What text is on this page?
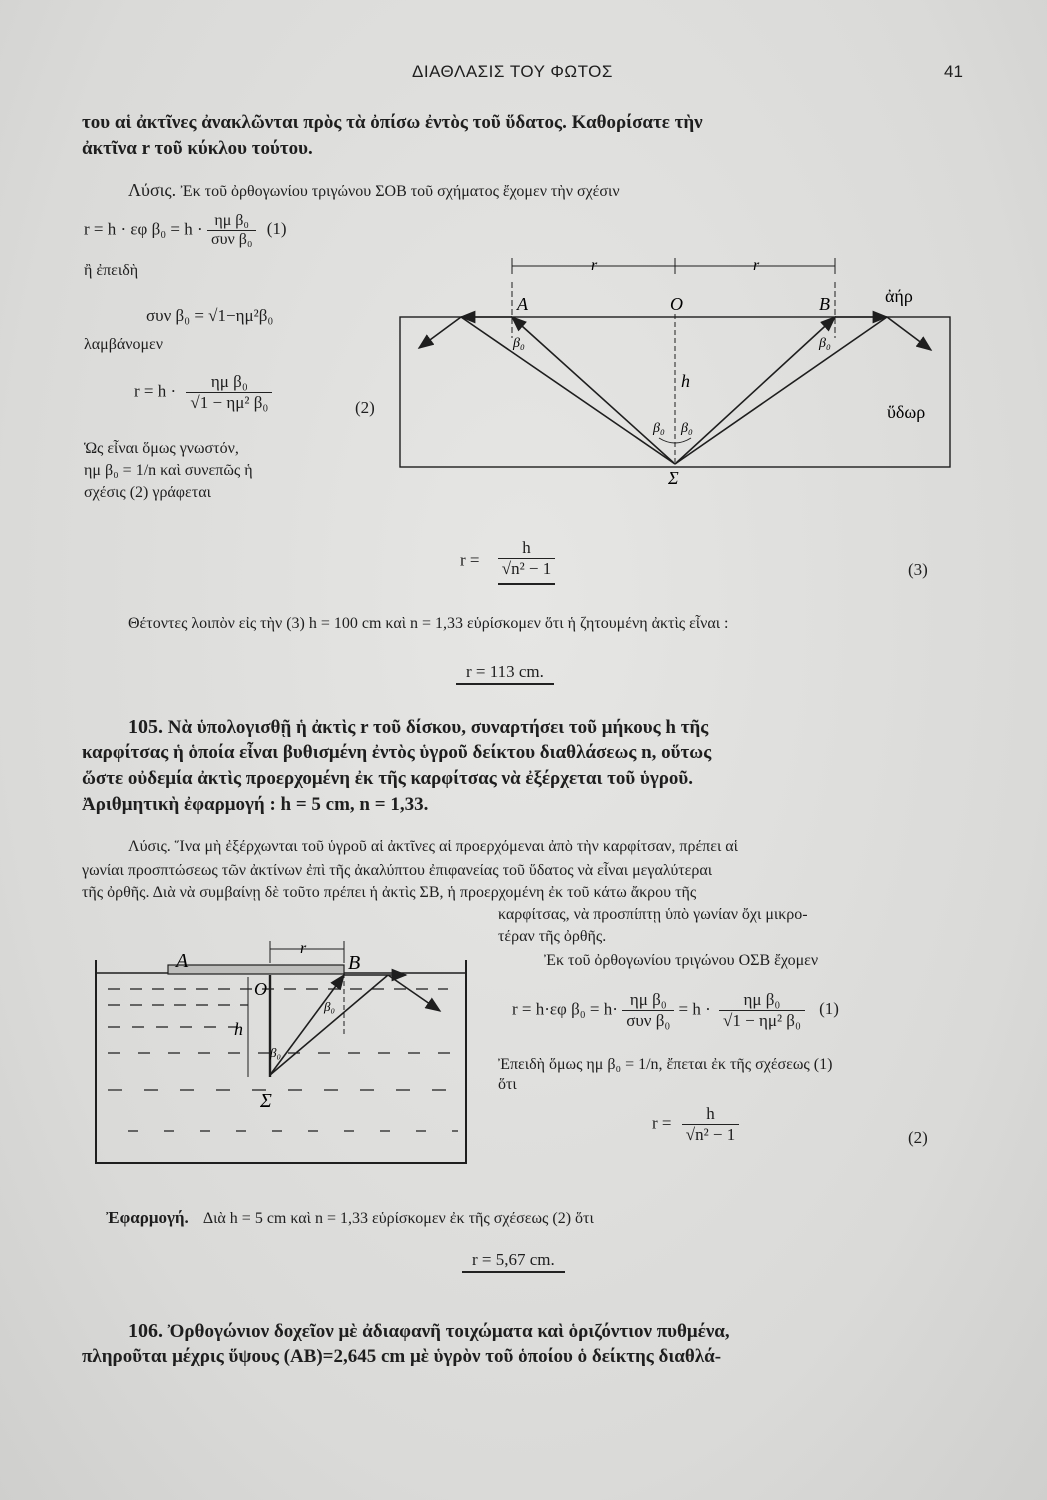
ΔΙΑΘΛΑΣΙΣ ΤΟΥ ΦΩΤΟΣ	41
του αἱ ἀκτῖνες ἀνακλῶνται πρὸς τὰ ὀπίσω ἐντὸς τοῦ ὕδατος. Καθορίσατε τὴν
ἀκτῖνα r τοῦ κύκλου τούτου.
Λύσις. Ἐκ τοῦ ὀρθογωνίου τριγώνου ΣΟΒ τοῦ σχήματος ἔχομεν τὴν σχέσιν
r = h · εφ $\beta_0 = h \cdot \frac{\text{ημ β₀}}{\text{συν β₀}} (1)$
ἢ ἐπειδὴ
συν β₀ = √1−ημ²β₀
λαμβάνομεν
$r = h \cdot \frac{\text{ημ β₀}}{\text{√1 − ημ² β₀}}$	(2)
Ὡς εἶναι ὅμως γνωστόν,
ημ β₀ = 1/n καὶ συνεπῶς ἡ
σχέσις (2) γράφεται
r	r
A	O	B
h
β₀	β₀
β₀ β₀
Σ
ἀήρ
ὕδωρ
$r = \frac{h}{\text{√n² − 1}}$	(3)
Θέτοντες λοιπὸν εἰς τὴν (3) h = 100 cm καὶ n = 1,33 εὑρίσκομεν ὅτι ἡ ζητουμένη ἀκτὶς εἶναι :
r = 113 cm.
105. Νὰ ὑπολογισθῇ ἡ ἀκτὶς r τοῦ δίσκου, συναρτήσει τοῦ μήκους h τῆς
καρφίτσας ἡ ὁποία εἶναι βυθισμένη ἐντὸς ὑγροῦ δείκτου διαθλάσεως n, οὕτως
ὥστε οὐδεμία ἀκτὶς προερχομένη ἐκ τῆς καρφίτσας νὰ ἐξέρχεται τοῦ ὑγροῦ.
Ἀριθμητικὴ ἐφαρμογή : h = 5 cm, n = 1,33.
Λύσις. Ἵνα μὴ ἐξέρχωνται τοῦ ὑγροῦ αἱ ἀκτῖνες αἱ προερχόμεναι ἀπὸ τὴν καρφίτσαν, πρέπει αἱ
γωνίαι προσπτώσεως τῶν ἀκτίνων ἐπὶ τῆς ἀκαλύπτου ἐπιφανείας τοῦ ὕδατος νὰ εἶναι μεγαλύτεραι
τῆς ὀρθῆς. Διὰ νὰ συμβαίνῃ δὲ τοῦτο πρέπει ἡ ἀκτὶς ΣΒ, ἡ προερχομένη ἐκ τοῦ κάτω ἄκρου τῆς
καρφίτσας, νὰ προσπίπτῃ ὑπὸ γωνίαν ὄχι μικρο-
τέραν τῆς ὀρθῆς.
Ἐκ τοῦ ὀρθογωνίου τριγώνου ΟΣΒ ἔχομεν
r = h·εφ $\beta_0 = h\cdot \frac{\text{ημ β₀}}{\text{συν β₀}} = h \cdot \frac{\text{ημ β₀}}{\text{√1 − ημ² β₀}} (1)$
Ἐπειδὴ ὅμως ημ β₀ = 1/n, ἔπεται ἐκ τῆς σχέσεως (1)
ὅτι
$r = \frac{h}{\text{√n² − 1}}$	(2)
r
A	B
O
h
Σ
β₀
β₀
Ἐφαρμογή. Διὰ h = 5 cm καὶ n = 1,33 εὑρίσκομεν ἐκ τῆς σχέσεως (2) ὅτι
r = 5,67 cm.
106. Ὀρθογώνιον δοχεῖον μὲ ἀδιαφανῆ τοιχώματα καὶ ὁριζόντιον πυθμένα,
πληροῦται μέχρις ὕψους (ΑΒ)=2,645 cm μὲ ὑγρὸν τοῦ ὁποίου ὁ δείκτης διαθλά-
